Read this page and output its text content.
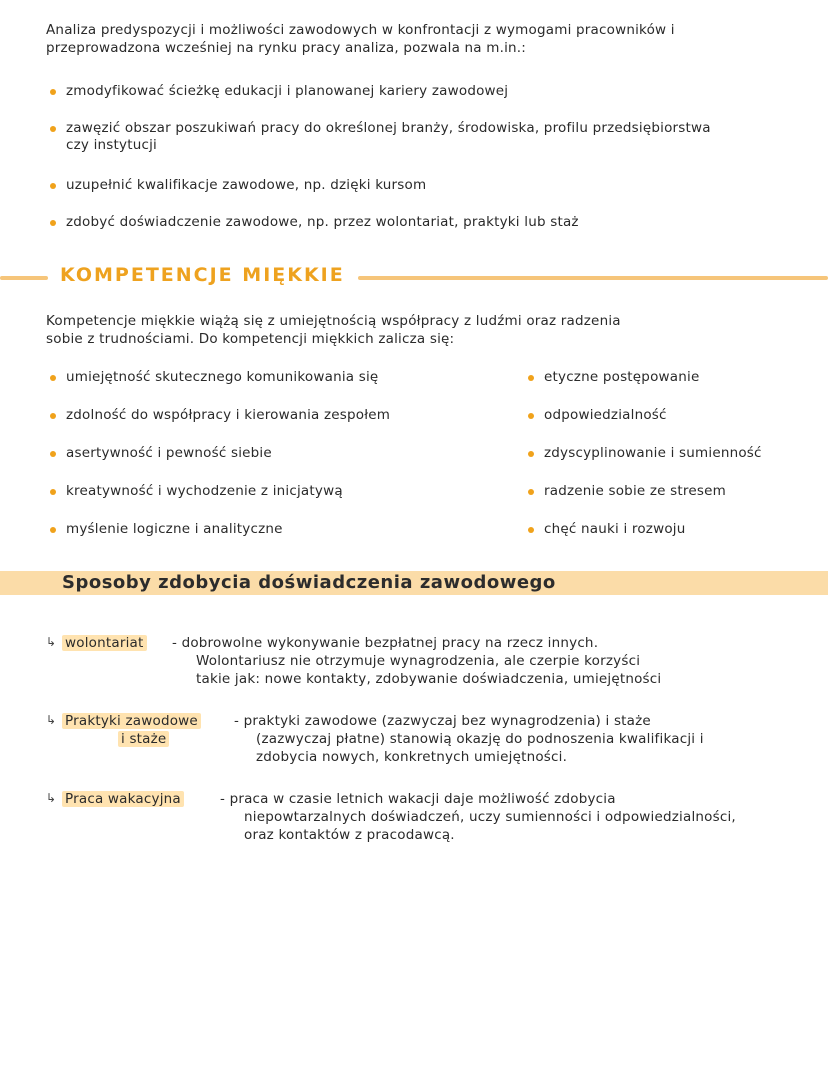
Analiza predyspozycji i możliwości zawodowych w konfrontacji z wymogami pracowników i
przeprowadzona wcześniej na rynku pracy analiza, pozwala na m.in.:
zmodyfikować ścieżkę edukacji i planowanej kariery zawodowej
zawęzić obszar poszukiwań pracy do określonej branży, środowiska, profilu przedsiębiorstwa
czy instytucji
uzupełnić kwalifikacje zawodowe, np. dzięki kursom
zdobyć doświadczenie zawodowe, np. przez wolontariat, praktyki lub staż
KOMPETENCJE MIĘKKIE
Kompetencje miękkie wiążą się z umiejętnością współpracy z ludźmi oraz radzenia
sobie z trudnościami. Do kompetencji miękkich zalicza się:
umiejętność skutecznego komunikowania się
zdolność do współpracy i kierowania zespołem
asertywność i pewność siebie
kreatywność i wychodzenie z inicjatywą
myślenie logiczne i analityczne
etyczne postępowanie
odpowiedzialność
zdyscyplinowanie i sumienność
radzenie sobie ze stresem
chęć nauki i rozwoju
Sposoby zdobycia doświadczenia zawodowego
↳ wolontariat - dobrowolne wykonywanie bezpłatnej pracy na rzecz innych.
Wolontariusz nie otrzymuje wynagrodzenia, ale czerpie korzyści
takie jak: nowe kontakty, zdobywanie doświadczenia, umiejętności
↳ Praktyki zawodowe
i staże
- praktyki zawodowe (zazwyczaj bez wynagrodzenia) i staże
(zazwyczaj płatne) stanowią okazję do podnoszenia kwalifikacji i
zdobycia nowych, konkretnych umiejętności.
↳ Praca wakacyjna	- praca w czasie letnich wakacji daje możliwość zdobycia
niepowtarzalnych doświadczeń, uczy sumienności i odpowiedzialności,
oraz kontaktów z pracodawcą.
